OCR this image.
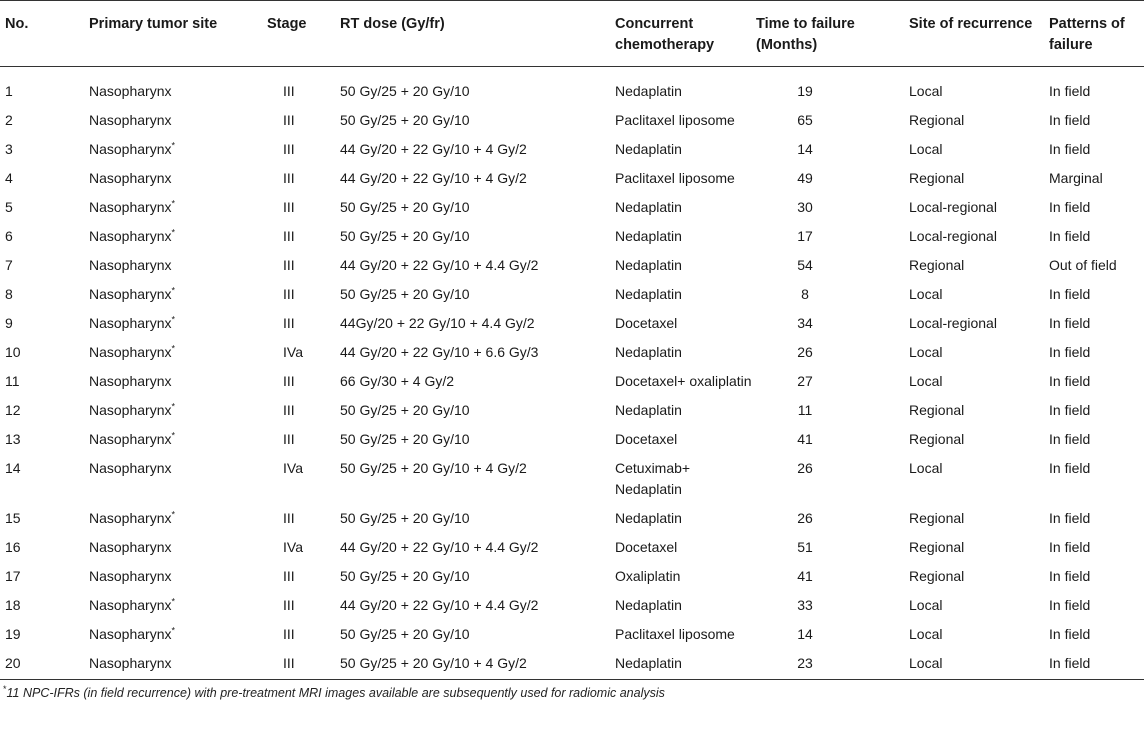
No.	Primary tumor site	Stage	RT dose (Gy/fr)	Concurrent chemotherapy	Time to failure (Months)	Site of recurrence	Patterns of failure
1	Nasopharynx	III	50 Gy/25 + 20 Gy/10	Nedaplatin	19	Local	In field
2	Nasopharynx	III	50 Gy/25 + 20 Gy/10	Paclitaxel liposome	65	Regional	In field
3	Nasopharynx*	III	44 Gy/20 + 22 Gy/10 + 4 Gy/2	Nedaplatin	14	Local	In field
4	Nasopharynx	III	44 Gy/20 + 22 Gy/10 + 4 Gy/2	Paclitaxel liposome	49	Regional	Marginal
5	Nasopharynx*	III	50 Gy/25 + 20 Gy/10	Nedaplatin	30	Local-regional	In field
6	Nasopharynx*	III	50 Gy/25 + 20 Gy/10	Nedaplatin	17	Local-regional	In field
7	Nasopharynx	III	44 Gy/20 + 22 Gy/10 + 4.4 Gy/2	Nedaplatin	54	Regional	Out of field
8	Nasopharynx*	III	50 Gy/25 + 20 Gy/10	Nedaplatin	8	Local	In field
9	Nasopharynx*	III	44Gy/20 + 22 Gy/10 + 4.4 Gy/2	Docetaxel	34	Local-regional	In field
10	Nasopharynx*	IVa	44 Gy/20 + 22 Gy/10 + 6.6 Gy/3	Nedaplatin	26	Local	In field
11	Nasopharynx	III	66 Gy/30 + 4 Gy/2	Docetaxel+ oxaliplatin	27	Local	In field
12	Nasopharynx*	III	50 Gy/25 + 20 Gy/10	Nedaplatin	11	Regional	In field
13	Nasopharynx*	III	50 Gy/25 + 20 Gy/10	Docetaxel	41	Regional	In field
14	Nasopharynx	IVa	50 Gy/25 + 20 Gy/10 + 4 Gy/2	Cetuximab+ Nedaplatin	26	Local	In field
15	Nasopharynx*	III	50 Gy/25 + 20 Gy/10	Nedaplatin	26	Regional	In field
16	Nasopharynx	IVa	44 Gy/20 + 22 Gy/10 + 4.4 Gy/2	Docetaxel	51	Regional	In field
17	Nasopharynx	III	50 Gy/25 + 20 Gy/10	Oxaliplatin	41	Regional	In field
18	Nasopharynx*	III	44 Gy/20 + 22 Gy/10 + 4.4 Gy/2	Nedaplatin	33	Local	In field
19	Nasopharynx*	III	50 Gy/25 + 20 Gy/10	Paclitaxel liposome	14	Local	In field
20	Nasopharynx	III	50 Gy/25 + 20 Gy/10 + 4 Gy/2	Nedaplatin	23	Local	In field
*11 NPC-IFRs (in field recurrence) with pre-treatment MRI images available are subsequently used for radiomic analysis
